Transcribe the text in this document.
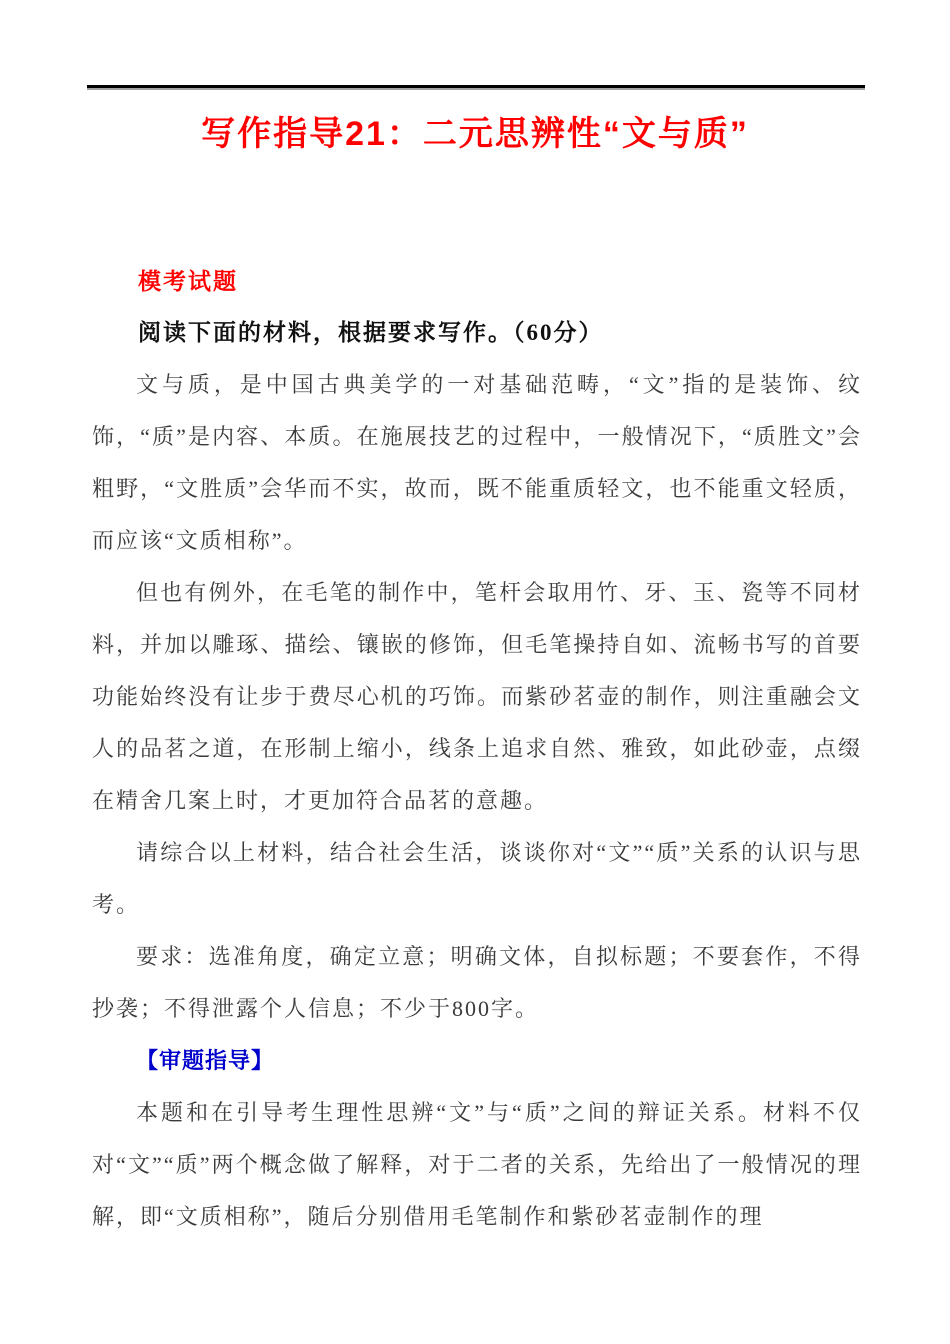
写作指导21：二元思辨性“文与质”
模考试题

阅读下面的材料，根据要求写作。（60分）

文与质，是中国古典美学的一对基础范畴，“文”指的是装饰、纹饰，“质”是内容、本质。在施展技艺的过程中，一般情况下，“质胜文”会粗野，“文胜质”会华而不实，故而，既不能重质轻文，也不能重文轻质，而应该“文质相称”。

但也有例外，在毛笔的制作中，笔杆会取用竹、牙、玉、瓷等不同材料，并加以雕琢、描绘、镶嵌的修饰，但毛笔操持自如、流畅书写的首要功能始终没有让步于费尽心机的巧饰。而紫砂茗壶的制作，则注重融会文人的品茗之道，在形制上缩小，线条上追求自然、雅致，如此砂壶，点缀在精舍几案上时，才更加符合品茗的意趣。

请综合以上材料，结合社会生活，谈谈你对“文”“质”关系的认识与思考。

要求：选准角度，确定立意；明确文体，自拟标题；不要套作，不得抄袭；不得泄露个人信息；不少于800字。

【审题指导】

本题和在引导考生理性思辨“文”与“质”之间的辩证关系。材料不仅对“文”“质”两个概念做了解释，对于二者的关系，先给出了一般情况的理解，即“文质相称”，随后分别借用毛笔制作和紫砂茗壶制作的理
